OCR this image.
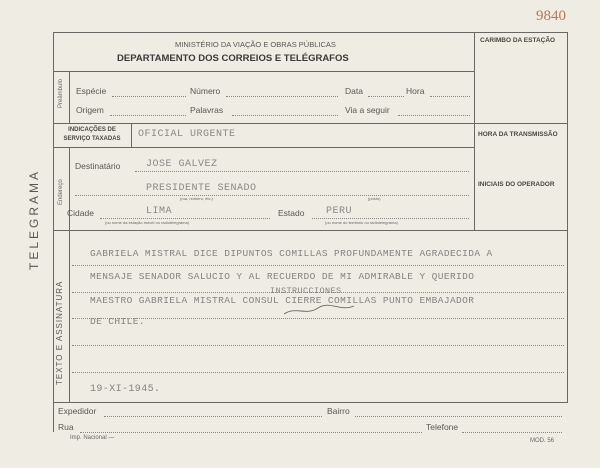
9840
MINISTÉRIO DA VIAÇÃO E OBRAS PÚBLICAS
DEPARTAMENTO DOS CORREIOS E TELÉGRAFOS
CARIMBO DA ESTAÇÃO
Preâmbulo Espécie	Número	Data	Hora
Origem	Palavras	Via a seguir
INDICAÇÕES DE SERVIÇO TAXADAS	OFICIAL URGENTE	HORA DA TRANSMISSÃO
Endereço
Destinatário	JOSE GALVEZ
PRESIDENTE SENADO
(rua, número, etc.)	(posto)
INICIAIS DO OPERADOR
Cidade	LIMA	Estado PERU
(ou nome da estação móvel ou radiotelegrama)	(ou nome do território ou radiotelegrama)
TEXTO E ASSINATURA
GABRIELA MISTRAL DICE DIPUNTOS COMILLAS PROFUNDAMENTE AGRADECIDA A
MENSAJE SENADOR SALUCIO Y AL RECUERDO DE MI ADMIRABLE Y QUERIDO
INSTRUCCIONES
MAESTRO GABRIELA MISTRAL CONSUL CIERRE COMILLAS PUNTO EMBAJADOR
DE CHILE.
19-XI-1945.
Expedidor	Bairro
Rua	Telefone
Imp. Nacional —	MOD. 56
TELEGRAMA
